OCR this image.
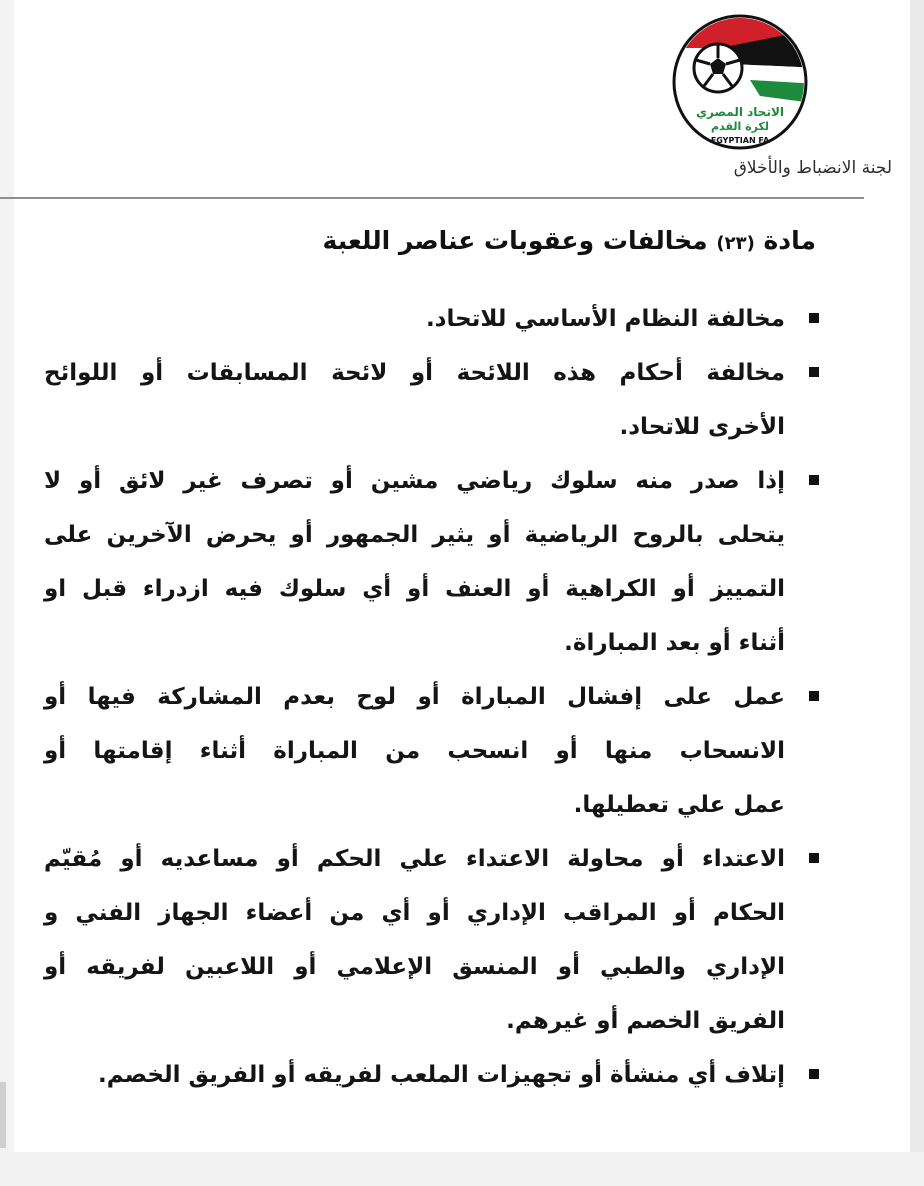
الاتحاد المصري
لكرة القدم
EGYPTIAN FA
لجنة الانضباط والأخلاق
مادة (٢٣) مخالفات وعقوبات عناصر اللعبة
مخالفة النظام الأساسي للاتحاد.
مخالفة أحكام هذه اللائحة أو لائحة المسابقات أو اللوائح
الأخرى للاتحاد.
إذا صدر منه سلوك رياضي مشين أو تصرف غير لائق أو لا
يتحلى بالروح الرياضية أو يثير الجمهور أو يحرض الآخرين على
التمييز أو الكراهية أو العنف أو أي سلوك فيه ازدراء قبل او
أثناء أو بعد المباراة.
عمل على إفشال المباراة أو لوح بعدم المشاركة فيها أو
الانسحاب منها أو انسحب من المباراة أثناء إقامتها أو
عمل علي تعطيلها.
الاعتداء أو محاولة الاعتداء علي الحكم أو مساعديه أو مُقيّم
الحكام أو المراقب الإداري أو أي من أعضاء الجهاز الفني و
الإداري والطبي أو المنسق الإعلامي أو اللاعبين لفريقه أو
الفريق الخصم أو غيرهم.
إتلاف أي منشأة أو تجهيزات الملعب لفريقه أو الفريق الخصم.
